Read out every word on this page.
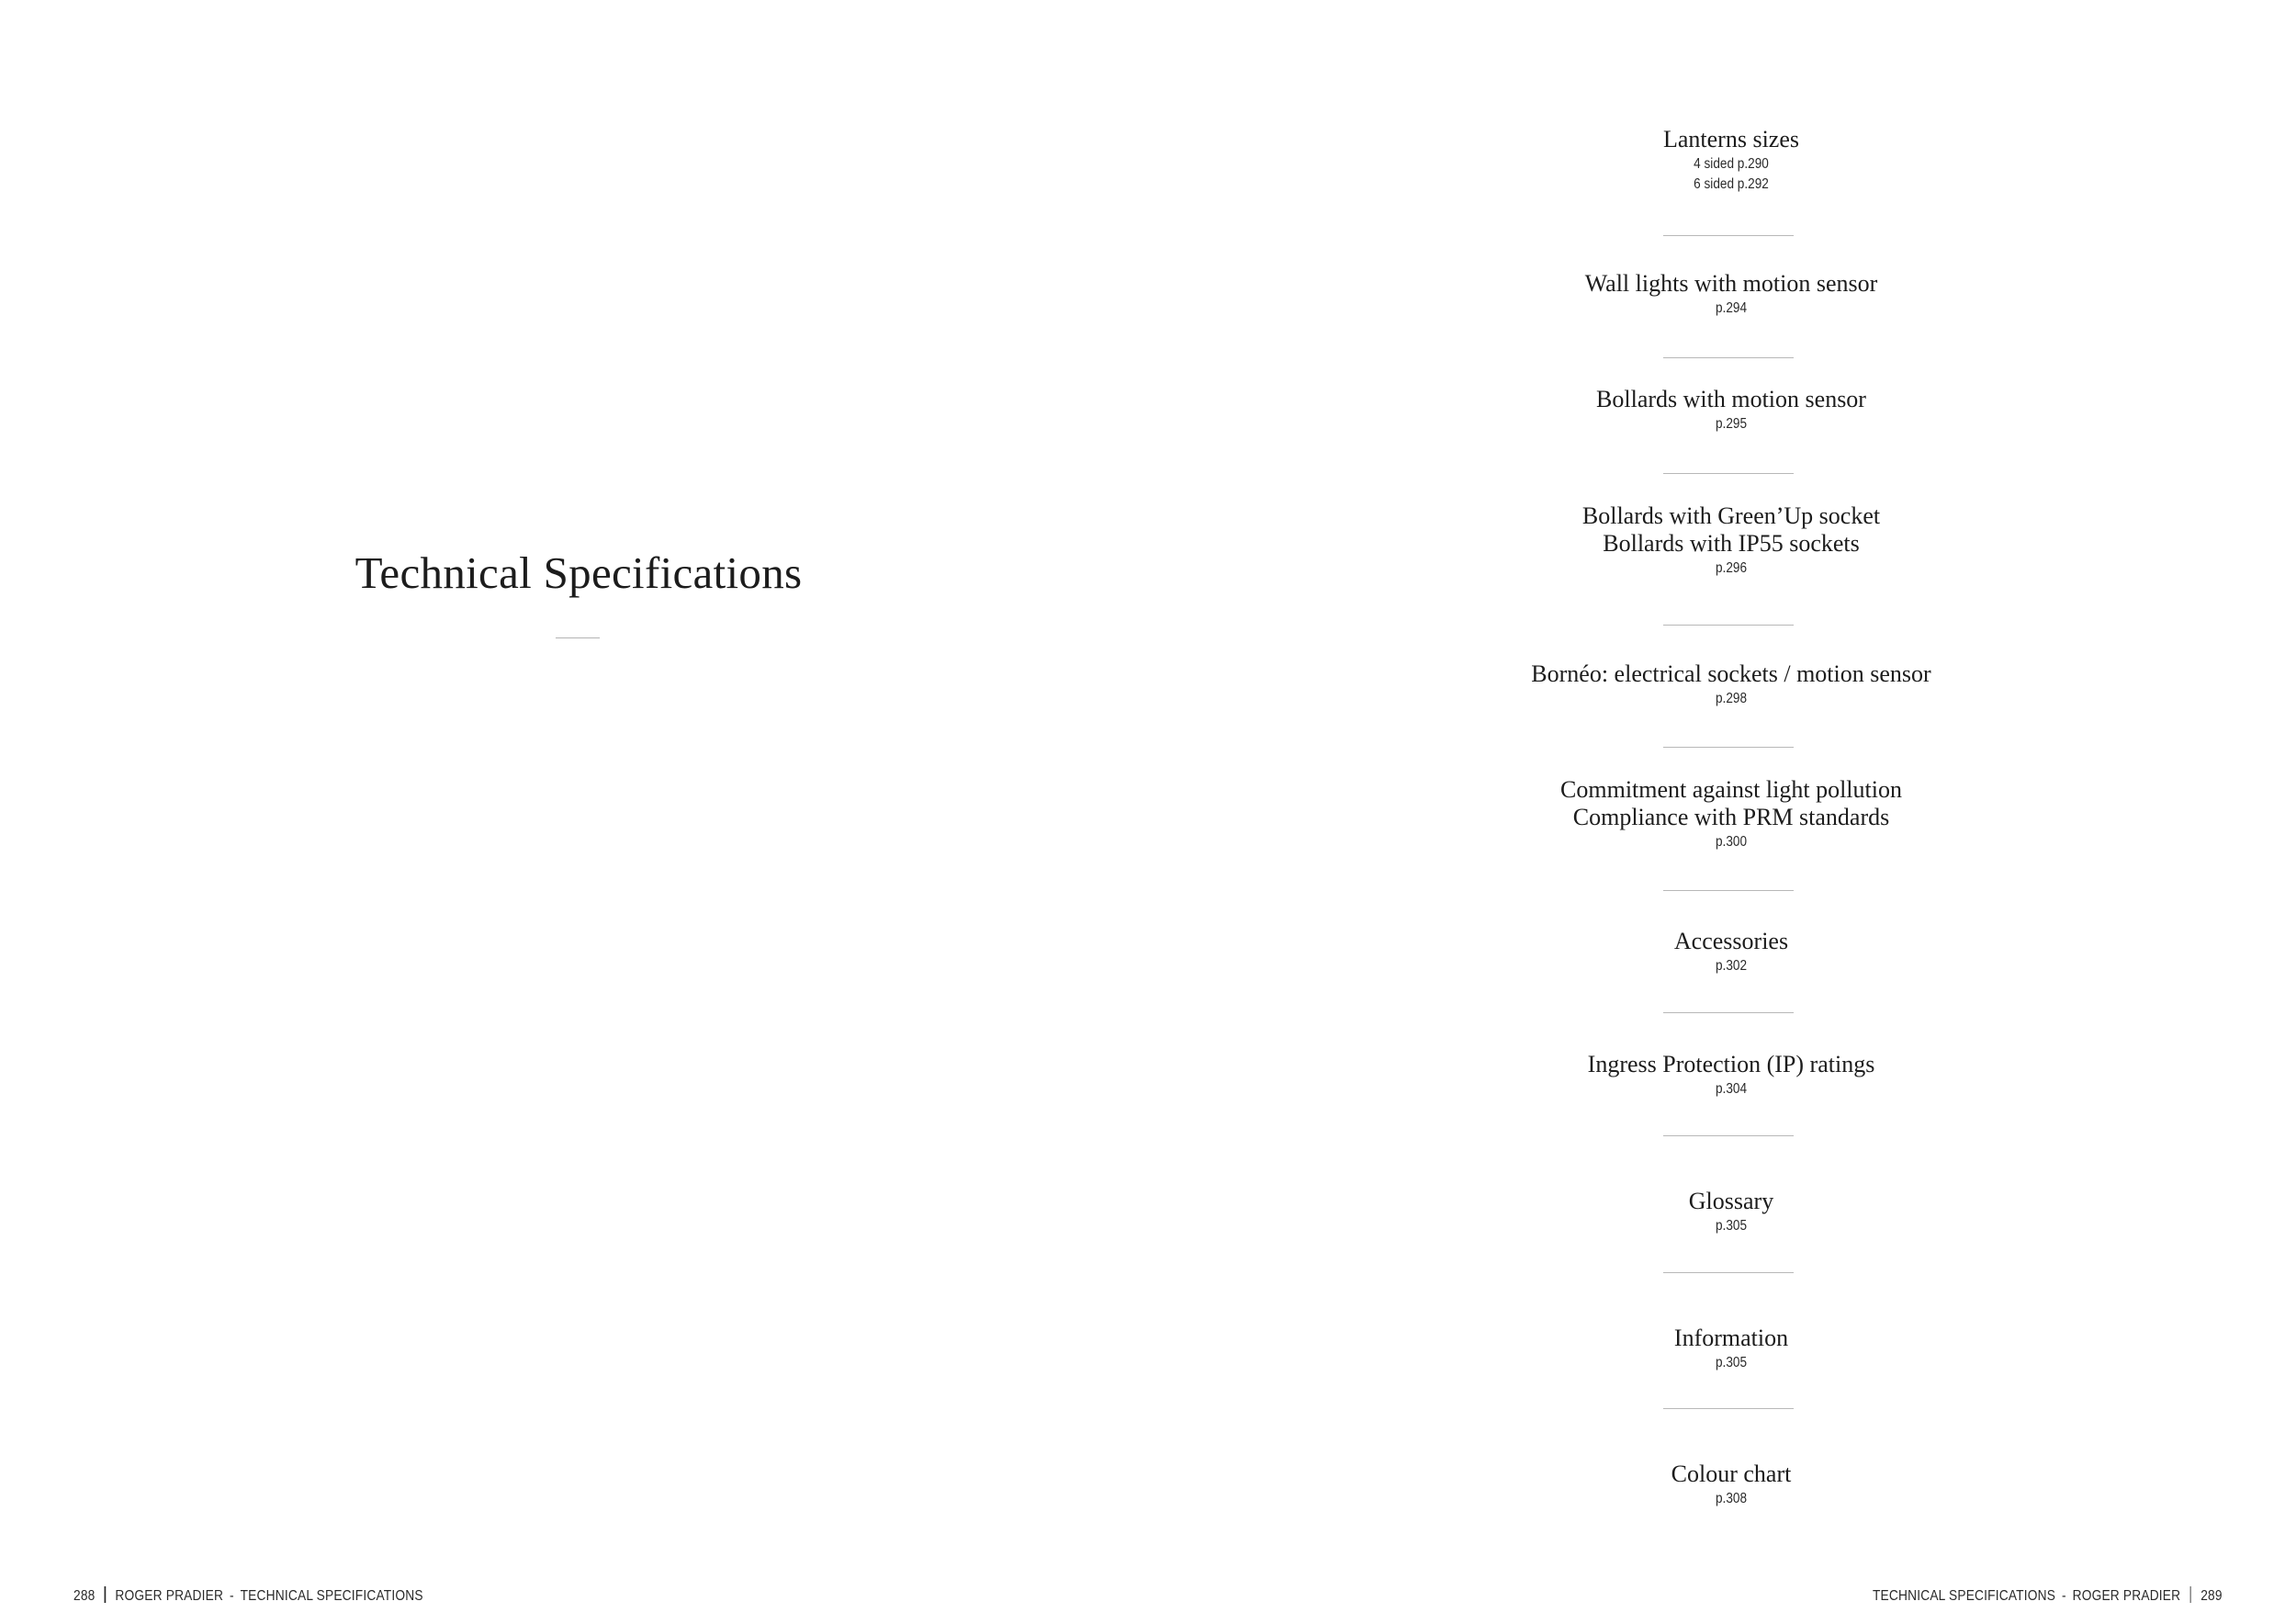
Technical Specifications
Lanterns sizes
4 sided p.290
6 sided p.292
Wall lights with motion sensor
p.294
Bollards with motion sensor
p.295
Bollards with Green’Up socket
Bollards with IP55 sockets
p.296
Bornéo: electrical sockets / motion sensor
p.298
Commitment against light pollution
Compliance with PRM standards
p.300
Accessories
p.302
Ingress Protection (IP) ratings
p.304
Glossary
p.305
Information
p.305
Colour chart
p.308
288 ROGER PRADIER - TECHNICAL SPECIFICATIONS	TECHNICAL SPECIFICATIONS - ROGER PRADIER 289
